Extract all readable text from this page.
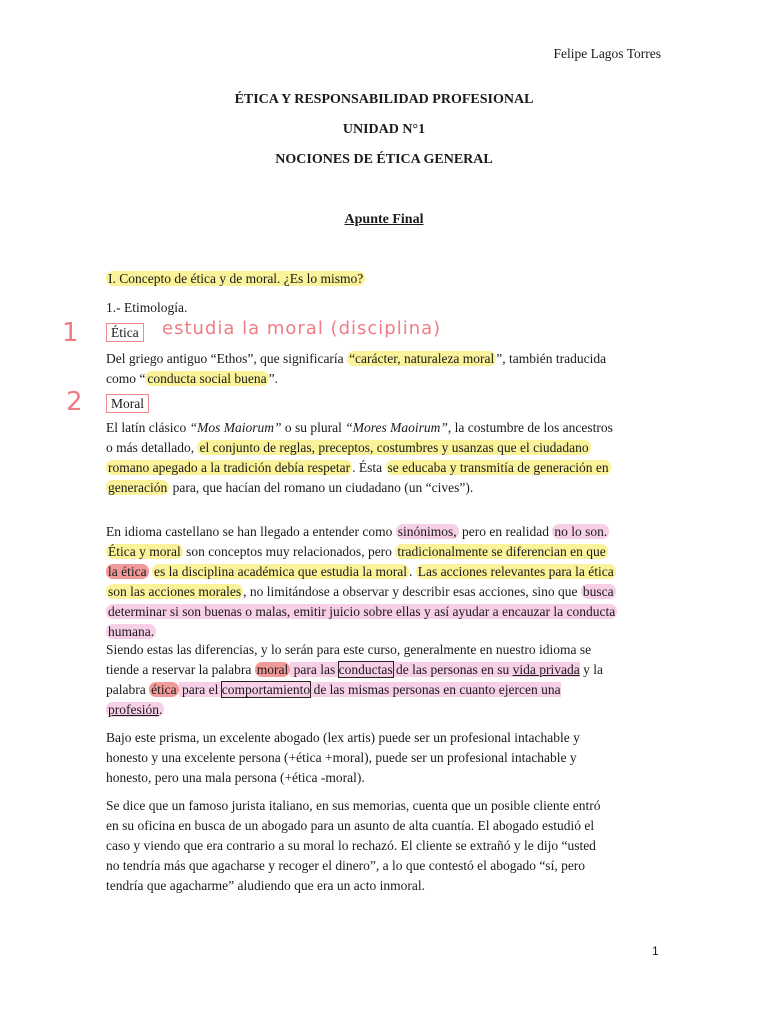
Felipe Lagos Torres
ÉTICA Y RESPONSABILIDAD PROFESIONAL
UNIDAD N°1
NOCIONES DE ÉTICA GENERAL
Apunte Final
I. Concepto de ética y de moral. ¿Es lo mismo?
1.- Etimología.
1	Ética estudia la moral (disciplina)
Del griego antiguo “Ethos”, que significaría “carácter, naturaleza moral ”, también traducida
como “ conducta social buena ”.
2	Moral
El latín clásico “Mos Maiorum” o su plural “Mores Maoirum”, la costumbre de los ancestros
o más detallado, el conjunto de reglas, preceptos, costumbres y usanzas que el ciudadano
romano apegado a la tradición debía respetar . Ésta se educaba y transmitía de generación en
generación para, que hacían del romano un ciudadano (un “cives”).
En idioma castellano se han llegado a entender como sinónimos, pero en realidad no lo son.
Ética y moral son conceptos muy relacionados, pero tradicionalmente se diferencian en que
la ética es la disciplina académica que estudia la moral . Las acciones relevantes para la ética
son las acciones morales , no limitándose a observar y describir esas acciones, sino que busca
determinar si son buenas o malas, emitir juicio sobre ellas y así ayudar a encauzar la conducta
humana.
Siendo estas las diferencias, y lo serán para este curso, generalmente en nuestro idioma se
tiende a reservar la palabra moral para las conductas de las personas en su vida privada y la
palabra ética para el comportamiento de las mismas personas en cuanto ejercen una
profesión.
Bajo este prisma, un excelente abogado (lex artis) puede ser un profesional intachable y
honesto y una excelente persona (+ética +moral), puede ser un profesional intachable y
honesto, pero una mala persona (+ética -moral).
Se dice que un famoso jurista italiano, en sus memorias, cuenta que un posible cliente entró
en su oficina en busca de un abogado para un asunto de alta cuantía. El abogado estudió el
caso y viendo que era contrario a su moral lo rechazó. El cliente se extrañó y le dijo “usted
no tendría más que agacharse y recoger el dinero”, a lo que contestó el abogado “sí, pero
tendría que agacharme” aludiendo que era un acto inmoral.
1
